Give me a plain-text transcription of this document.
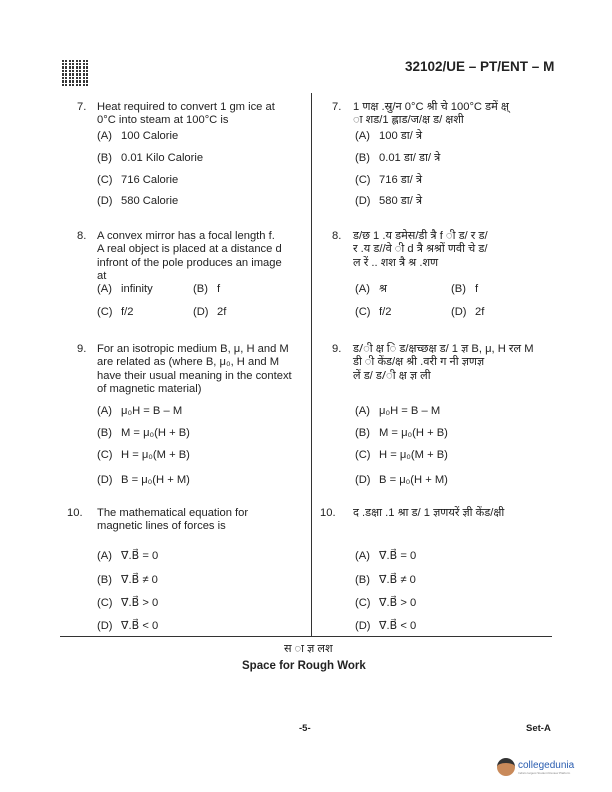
32102/UE – PT/ENT – M
7.	7.
Heat required to convert 1 gm ice at
0°C into steam at 100°C is
1 णक्ष .स्रु/न 0°C श्री चे 100°C डमें क्ष्
ा शड/1 ह्लाड/ज/क्ष ड/ क्षशी
(A) 100 Calorie
(B) 0.01 Kilo Calorie
(C) 716 Calorie
(D) 580 Calorie
(A) 100 डा/ त्रे
(B) 0.01 डा/ डा/ त्रे
(C) 716 डा/ त्रे
(D) 580 डा/ त्रे
8.	8.
A convex mirror has a focal length f.
A real object is placed at a distance d
infront of the pole produces an image
at
ड/छ 1 .य डमेस/डी त्रै f ी ड/ र ड/
र .य ड//वे ी d त्रै श्रश्रों णवी चे ड/
ल रें .. शश त्रै श्र .शण
(A) infinity	(B) f
(C) f/2	(D) 2f
(A) श्र	(B) f
(C) f/2	(D) 2f
9.	9.
For an isotropic medium B, μ, H and M
are related as (where B, μ₀, H and M
have their usual meaning in the context
of magnetic material)
ड/ी क्ष ि ड/क्षच्छक्ष ड/ 1 ज्ञ B, μ, H रल M
डी ी केंड/क्ष श्री .वरी ग नी ज्ञणज्ञ
लें ड/ ड/ी क्ष ज्ञ ली
(A) μ₀H = B – M
(B) M = μ₀(H + B)
(C) H = μ₀(M + B)
(D) B = μ₀(H + M)
(A) μ₀H = B – M
(B) M = μ₀(H + B)
(C) H = μ₀(M + B)
(D) B = μ₀(H + M)
10.	10.
The mathematical equation for
magnetic lines of forces is
द .डक्षा .1 श्रा ड/ 1 ज्ञणयरें ज्ञी केंड/क्षी
(A) ∇⃗.B⃗ = 0
(B) ∇⃗.B⃗ ≠ 0
(C) ∇⃗.B⃗ > 0
(D) ∇⃗.B⃗ < 0
(A) ∇⃗.B⃗ = 0
(B) ∇⃗.B⃗ ≠ 0
(C) ∇⃗.B⃗ > 0
(D) ∇⃗.B⃗ < 0
स ा ज्ञ लश
Space for Rough Work
-5-	Set-A
collegedunia
India's largest Student Review Platform
